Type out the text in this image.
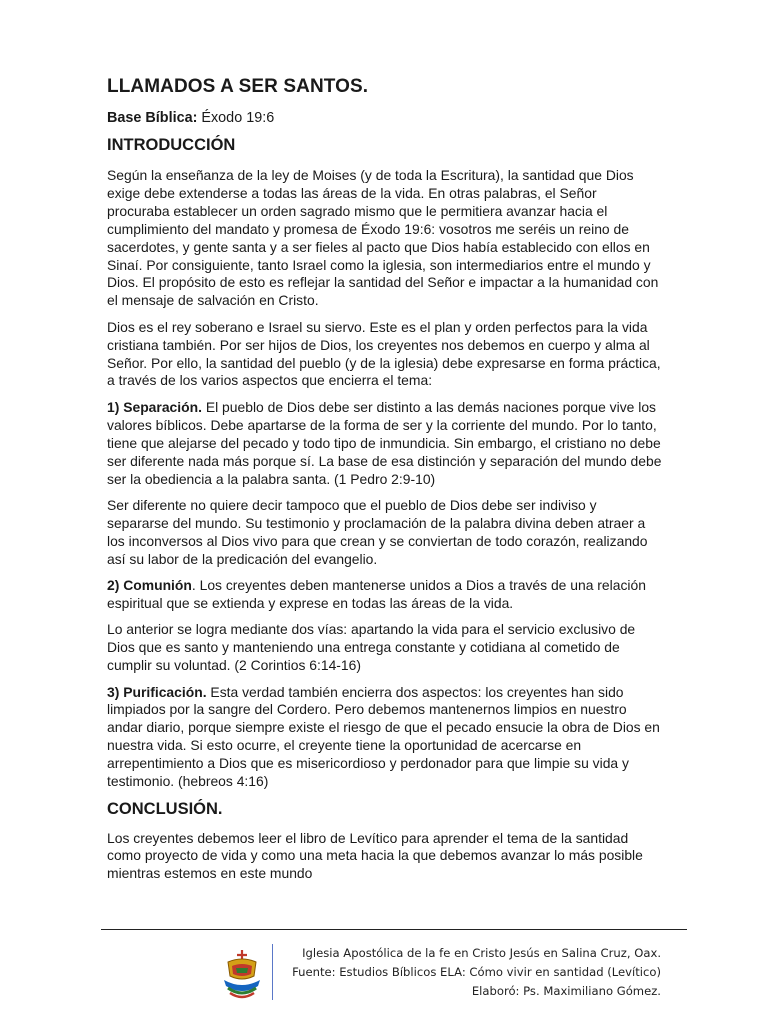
LLAMADOS A SER SANTOS.
Base Bíblica: Éxodo 19:6
INTRODUCCIÓN

Según la enseñanza de la ley de Moises (y de toda la Escritura), la santidad que Dios exige debe extenderse a todas las áreas de la vida. En otras palabras, el Señor procuraba establecer un orden sagrado mismo que le permitiera avanzar hacia el cumplimiento del mandato y promesa de Éxodo 19:6: vosotros me seréis un reino de sacerdotes, y gente santa y a ser fieles al pacto que Dios había establecido con ellos en Sinaí. Por consiguiente, tanto Israel como la iglesia, son intermediarios entre el mundo y Dios. El propósito de esto es reflejar la santidad del Señor e impactar a la humanidad con el mensaje de salvación en Cristo.

Dios es el rey soberano e Israel su siervo. Este es el plan y orden perfectos para la vida cristiana también. Por ser hijos de Dios, los creyentes nos debemos en cuerpo y alma al Señor. Por ello, la santidad del pueblo (y de la iglesia) debe expresarse en forma práctica, a través de los varios aspectos que encierra el tema:

1) Separación. El pueblo de Dios debe ser distinto a las demás naciones porque vive los valores bíblicos. Debe apartarse de la forma de ser y la corriente del mundo. Por lo tanto, tiene que alejarse del pecado y todo tipo de inmundicia. Sin embargo, el cristiano no debe ser diferente nada más porque sí. La base de esa distinción y separación del mundo debe ser la obediencia a la palabra santa. (1 Pedro 2:9-10)

Ser diferente no quiere decir tampoco que el pueblo de Dios debe ser indiviso y separarse del mundo. Su testimonio y proclamación de la palabra divina deben atraer a los inconversos al Dios vivo para que crean y se conviertan de todo corazón, realizando así su labor de la predicación del evangelio.

2) Comunión. Los creyentes deben mantenerse unidos a Dios a través de una relación espiritual que se extienda y exprese en todas las áreas de la vida.

Lo anterior se logra mediante dos vías: apartando la vida para el servicio exclusivo de Dios que es santo y manteniendo una entrega constante y cotidiana al cometido de cumplir su voluntad. (2 Corintios 6:14-16)

3) Purificación. Esta verdad también encierra dos aspectos: los creyentes han sido limpiados por la sangre del Cordero. Pero debemos mantenernos limpios en nuestro andar diario, porque siempre existe el riesgo de que el pecado ensucie la obra de Dios en nuestra vida. Si esto ocurre, el creyente tiene la oportunidad de acercarse en arrepentimiento a Dios que es misericordioso y perdonador para que limpie su vida y testimonio. (hebreos 4:16)

CONCLUSIÓN.

Los creyentes debemos leer el libro de Levítico para aprender el tema de la santidad como proyecto de vida y como una meta hacia la que debemos avanzar lo más posible mientras estemos en este mundo

Iglesia Apostólica de la fe en Cristo Jesús en Salina Cruz, Oax.
Fuente: Estudios Bíblicos ELA: Cómo vivir en santidad (Levítico)
Elaboró: Ps. Maximiliano Gómez.
